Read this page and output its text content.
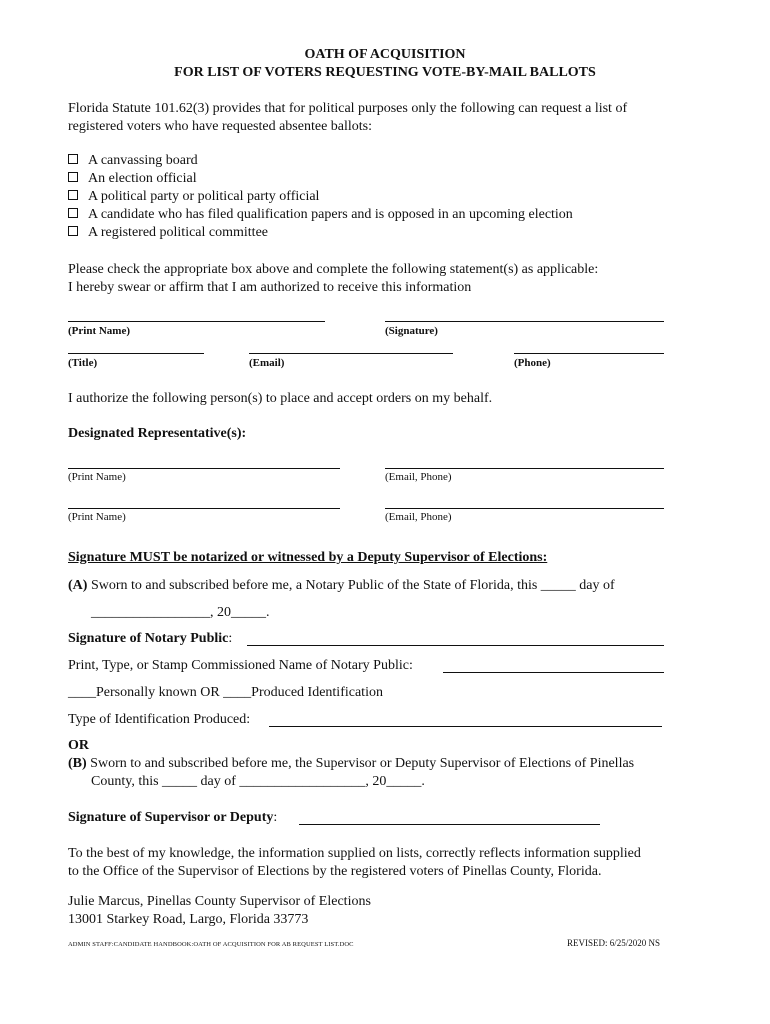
OATH OF ACQUISITION
FOR LIST OF VOTERS REQUESTING VOTE-BY-MAIL BALLOTS
Florida Statute 101.62(3) provides that for political purposes only the following can request a list of
registered voters who have requested absentee ballots:
A canvassing board
An election official
A political party or political party official
A candidate who has filed qualification papers and is opposed in an upcoming election
A registered political committee
Please check the appropriate box above and complete the following statement(s) as applicable:
I hereby swear or affirm that I am authorized to receive this information
(Print Name)	(Signature)
(Title)	(Email)	(Phone)
I authorize the following person(s) to place and accept orders on my behalf.
Designated Representative(s):
(Print Name)	(Email, Phone)
(Print Name)	(Email, Phone)
Signature MUST be notarized or witnessed by a Deputy Supervisor of Elections:
(A) Sworn to and subscribed before me, a Notary Public of the State of Florida, this _____ day of
_________________, 20_____.
Signature of Notary Public:
Print, Type, or Stamp Commissioned Name of Notary Public:
____Personally known OR ____Produced Identification
Type of Identification Produced:
OR
(B) Sworn to and subscribed before me, the Supervisor or Deputy Supervisor of Elections of Pinellas
County, this _____ day of __________________, 20_____.
Signature of Supervisor or Deputy:
To the best of my knowledge, the information supplied on lists, correctly reflects information supplied
to the Office of the Supervisor of Elections by the registered voters of Pinellas County, Florida.
Julie Marcus, Pinellas County Supervisor of Elections
13001 Starkey Road, Largo, Florida 33773
ADMIN STAFF:CANDIDATE HANDBOOK:OATH OF ACQUISITION FOR AB REQUEST LIST.DOC	REVISED: 6/25/2020 NS
